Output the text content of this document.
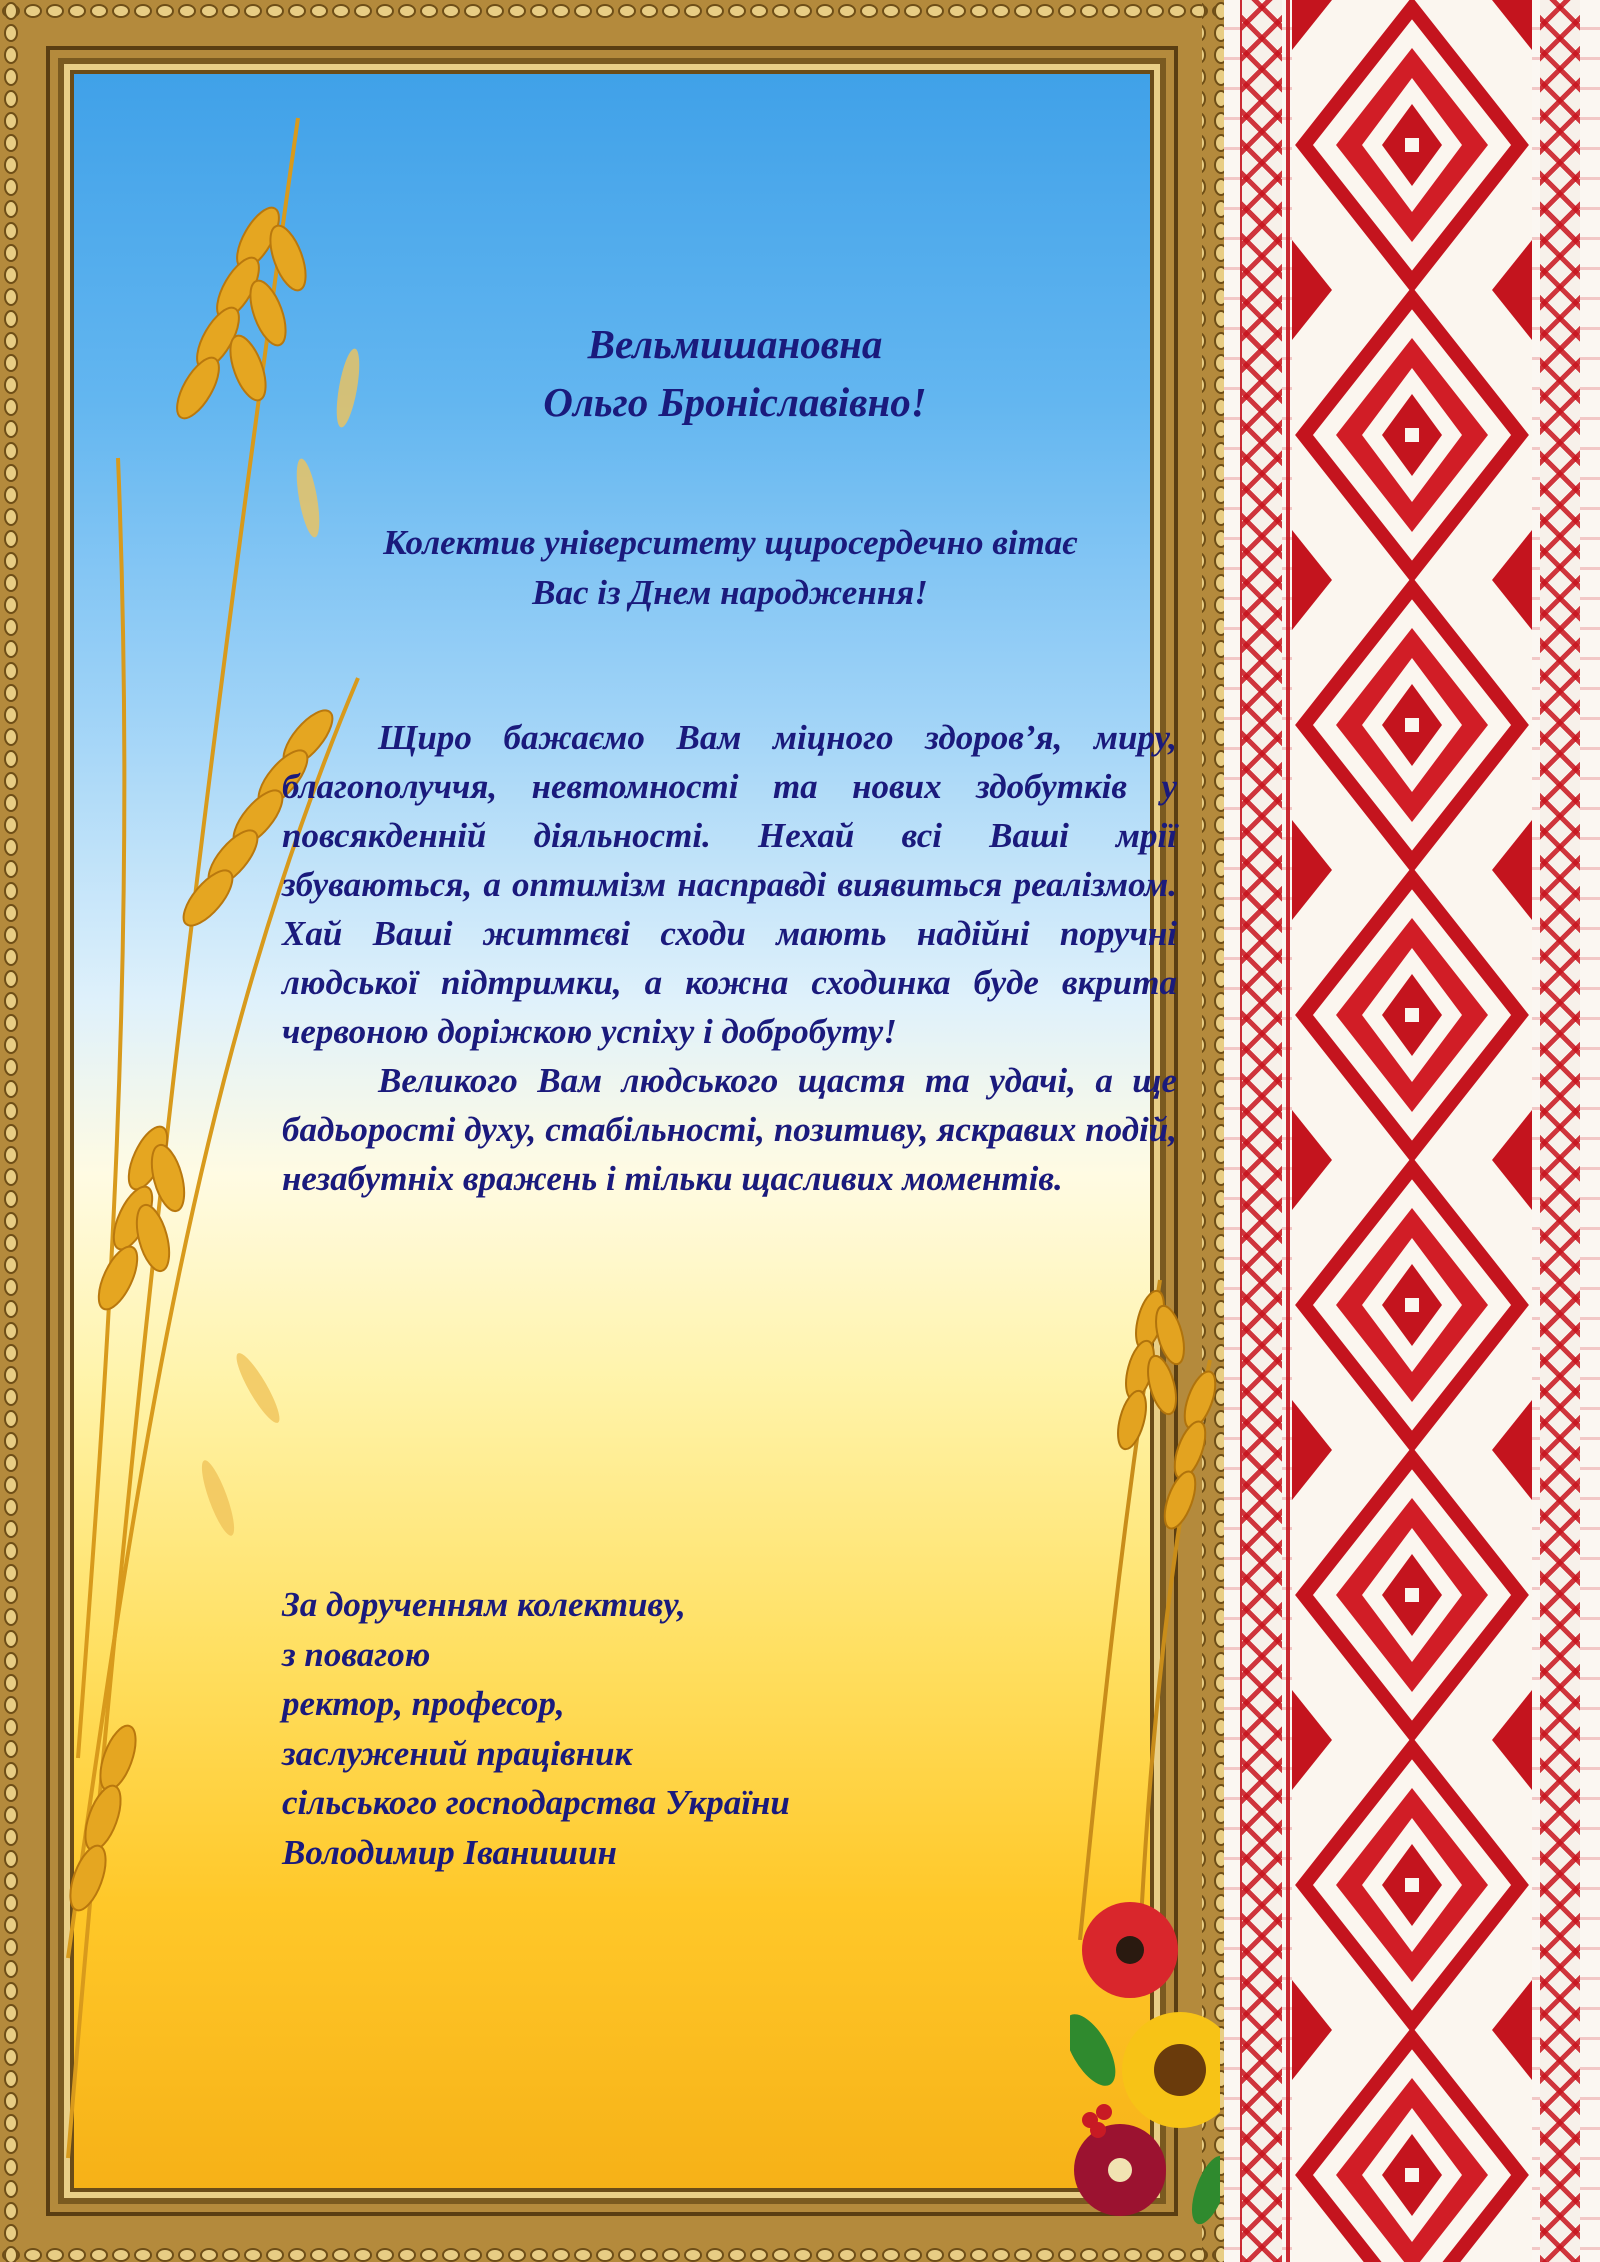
Вельмишановна
Ольго Броніславівно!
Колектив університету щиросердечно вітає
Вас із Днем народження!

Щиро бажаємо Вам міцного здоров’я, миру, благополуччя, невтомності та нових здобутків у повсякденній діяльності. Нехай всі Ваші мрії збуваються, а оптимізм насправді виявиться реалізмом. Хай Ваші життєві сходи мають надійні поручні людської підтримки, а кожна сходинка буде вкрита червоною доріжкою успіху і добробуту!

Великого Вам людського щастя та удачі, а ще бадьорості духу, стабільності, позитиву, яскравих подій, незабутніх вражень і тільки щасливих моментів.

За дорученням колективу,
з повагою
ректор, професор,
заслужений працівник
сільського господарства України
Володимир Іванишин
